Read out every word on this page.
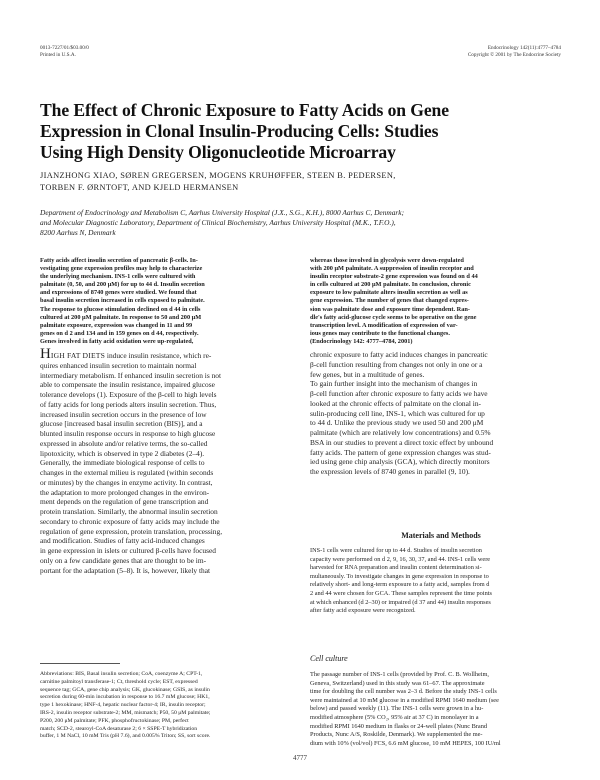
0013-7227/01/$03.00/0
Printed in U.S.A.
Endocrinology 142(11):4777–4784
Copyright © 2001 by The Endocrine Society
The Effect of Chronic Exposure to Fatty Acids on Gene
Expression in Clonal Insulin-Producing Cells: Studies
Using High Density Oligonucleotide Microarray
JIANZHONG XIAO, SØREN GREGERSEN, MOGENS KRUHØFFER, STEEN B. PEDERSEN,
TORBEN F. ØRNTOFT, AND KJELD HERMANSEN
Department of Endocrinology and Metabolism C, Aarhus University Hospital (J.X., S.G., K.H.), 8000 Aarhus C, Denmark;
and Molecular Diagnostic Laboratory, Department of Clinical Biochemistry, Aarhus University Hospital (M.K., T.F.O.),
8200 Aarhus N, Denmark
Fatty acids affect insulin secretion of pancreatic β-cells. In-
vestigating gene expression profiles may help to characterize
the underlying mechanism. INS-1 cells were cultured with
palmitate (0, 50, and 200 μM) for up to 44 d. Insulin secretion
and expressions of 8740 genes were studied. We found that
basal insulin secretion increased in cells exposed to palmitate.
The response to glucose stimulation declined on d 44 in cells
cultured at 200 μM palmitate. In response to 50 and 200 μM
palmitate exposure, expression was changed in 11 and 99
genes on d 2 and 134 and in 159 genes on d 44, respectively.
Genes involved in fatty acid oxidation were up-regulated,
whereas those involved in glycolysis were down-regulated
with 200 μM palmitate. A suppression of insulin receptor and
insulin receptor substrate-2 gene expression was found on d 44
in cells cultured at 200 μM palmitate. In conclusion, chronic
exposure to low palmitate alters insulin secretion as well as
gene expression. The number of genes that changed expres-
sion was palmitate dose and exposure time dependent. Ran-
dle's fatty acid-glucose cycle seems to be operative on the gene
transcription level. A modification of expression of var-
ious genes may contribute to the functional changes.
(Endocrinology 142: 4777–4784, 2001)
HIGH FAT DIETS induce insulin resistance, which re-
quires enhanced insulin secretion to maintain normal
intermediary metabolism. If enhanced insulin secretion is not
able to compensate the insulin resistance, impaired glucose
tolerance develops (1). Exposure of the β-cell to high levels
of fatty acids for long periods alters insulin secretion. Thus,
increased insulin secretion occurs in the presence of low
glucose [increased basal insulin secretion (BIS)], and a
blunted insulin response occurs in response to high glucose
expressed in absolute and/or relative terms, the so-called
lipotoxicity, which is observed in type 2 diabetes (2–4).
Generally, the immediate biological response of cells to
changes in the external milieu is regulated (within seconds
or minutes) by the changes in enzyme activity. In contrast,
the adaptation to more prolonged changes in the environ-
ment depends on the regulation of gene transcription and
protein translation. Similarly, the abnormal insulin secretion
secondary to chronic exposure of fatty acids may include the
regulation of gene expression, protein translation, processing,
and modification. Studies of fatty acid-induced changes
in gene expression in islets or cultured β-cells have focused
only on a few candidate genes that are thought to be im-
portant for the adaptation (5–8). It is, however, likely that
chronic exposure to fatty acid induces changes in pancreatic
β-cell function resulting from changes not only in one or a
few genes, but in a multitude of genes.
To gain further insight into the mechanism of changes in
β-cell function after chronic exposure to fatty acids we have
looked at the chronic effects of palmitate on the clonal in-
sulin-producing cell line, INS-1, which was cultured for up
to 44 d. Unlike the previous study we used 50 and 200 μM
palmitate (which are relatively low concentrations) and 0.5%
BSA in our studies to prevent a direct toxic effect by unbound
fatty acids. The pattern of gene expression changes was stud-
ied using gene chip analysis (GCA), which directly monitors
the expression levels of 8740 genes in parallel (9, 10).
Materials and Methods
INS-1 cells were cultured for up to 44 d. Studies of insulin secretion
capacity were performed on d 2, 9, 16, 30, 37, and 44. INS-1 cells were
harvested for RNA preparation and insulin content determination si-
multaneously. To investigate changes in gene expression in response to
relatively short- and long-term exposure to a fatty acid, samples from d
2 and 44 were chosen for GCA. These samples represent the time points
at which enhanced (d 2–30) or impaired (d 37 and 44) insulin responses
after fatty acid exposure were recognized.
Cell culture
The passage number of INS-1 cells (provided by Prof. C. B. Wollheim,
Geneva, Switzerland) used in this study was 61–67. The approximate
time for doubling the cell number was 2–3 d. Before the study INS-1 cells
were maintained at 10 mM glucose in a modified RPMI 1640 medium (see
below) and passed weekly (11). The INS-1 cells were grown in a hu-
modified atmosphere (5% CO₂, 95% air at 37 C) in monolayer in a
modified RPMI 1640 medium in flasks or 24-well plates (Nunc Brand
Products, Nunc A/S, Roskilde, Denmark). We supplemented the me-
dium with 10% (vol/vol) FCS, 6.6 mM glucose, 10 mM HEPES, 100 IU/ml
Abbreviations: BIS, Basal insulin secretion; CoA, coenzyme A; CPT-1,
carnitine palmitoyl transferase-1; Ct, threshold cycle; EST, expressed
sequence tag; GCA, gene chip analysis; GK, glucokinase; GSIS, as insulin
secretion during 60-min incubation in response to 16.7 mM glucose; HK1,
type 1 hexokinase; HNF-4, hepatic nuclear factor-4; IR, insulin receptor;
IRS-2, insulin receptor substrate-2; MM, mismatch; P50, 50 μM palmitate;
P200, 200 μM palmitate; PFK, phosphofructokinase; PM, perfect
match; SCD-2, stearoyl-CoA desaturase 2; 6 × SSPE-T hybridization
buffer, 1 M NaCl, 10 mM Tris (pH 7.6), and 0.005% Triton; SS, sort score.
4777
